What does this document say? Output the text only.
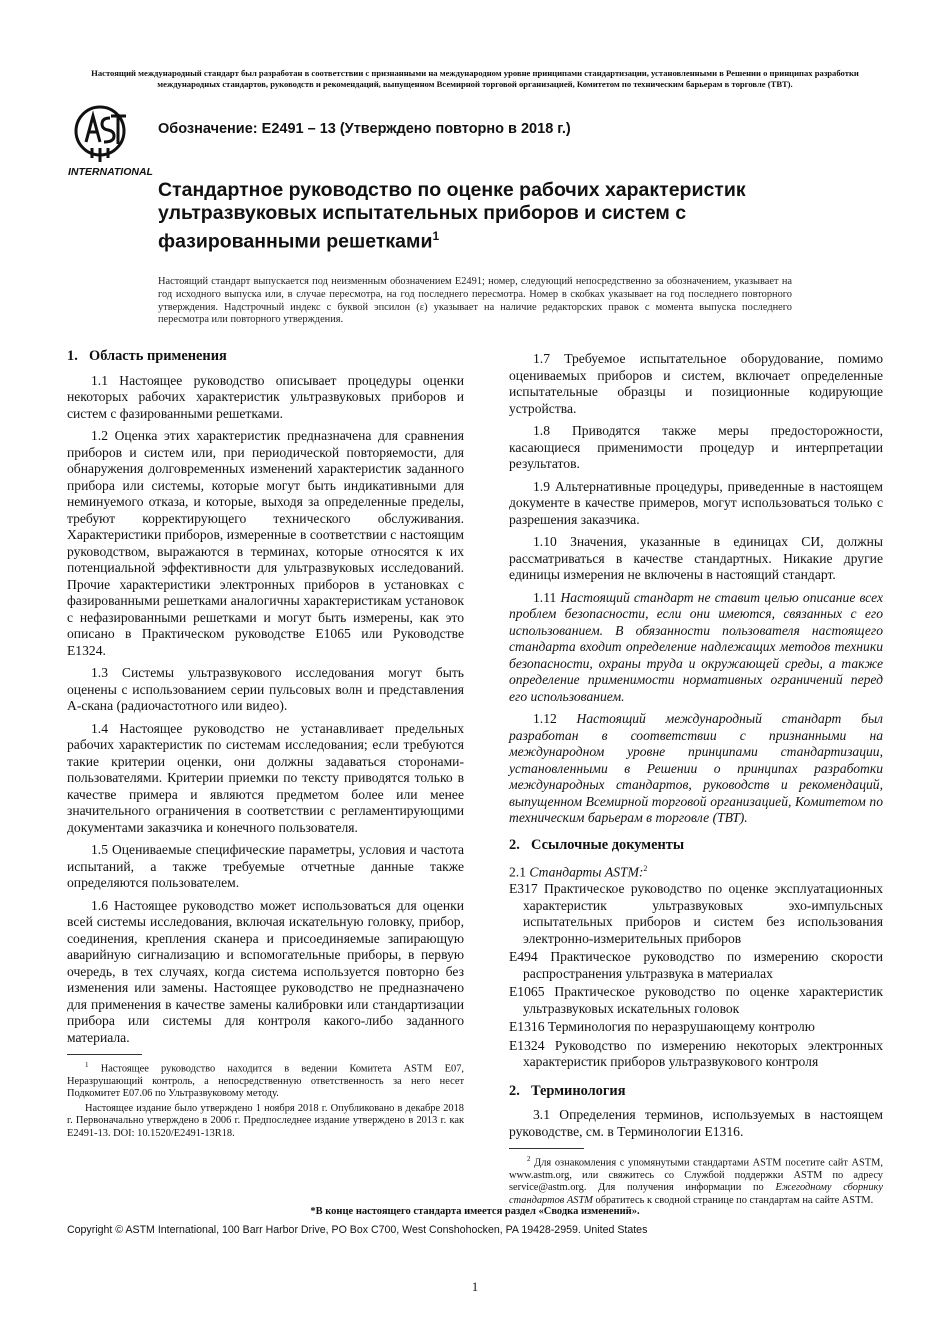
Настоящий международный стандарт был разработан в соответствии с признанными на международном уровне принципами стандартизации, установленными в Решении о принципах разработки международных стандартов, руководств и рекомендаций, выпущенном Всемирной торговой организацией, Комитетом по техническим барьерам в торговле (ТВТ).
INTERNATIONAL
Обозначение: E2491 – 13 (Утверждено повторно в 2018 г.)
Стандартное руководство по оценке рабочих характеристик ультразвуковых испытательных приборов и систем с фазированными решетками$^1$
Настоящий стандарт выпускается под неизменным обозначением E2491; номер, следующий непосредственно за обозначением, указывает на год исходного выпуска или, в случае пересмотра, на год последнего пересмотра. Номер в скобках указывает на год последнего повторного утверждения. Надстрочный индекс с буквой эпсилон (ε) указывает на наличие редакторских правок с момента выпуска последнего пересмотра или повторного утверждения.
1. Область применения

1.1 Настоящее руководство описывает процедуры оценки некоторых рабочих характеристик ультразвуковых приборов и систем с фазированными решетками.

1.2 Оценка этих характеристик предназначена для сравнения приборов и систем или, при периодической повторяемости, для обнаружения долговременных изменений характеристик заданного прибора или системы, которые могут быть индикативными для неминуемого отказа, и которые, выходя за определенные пределы, требуют корректирующего технического обслуживания. Характеристики приборов, измеренные в соответствии с настоящим руководством, выражаются в терминах, которые относятся к их потенциальной эффективности для ультразвуковых исследований. Прочие характеристики электронных приборов в установках с фазированными решетками аналогичны характеристикам установок с нефазированными решетками и могут быть измерены, как это описано в Практическом руководстве E1065 или Руководстве E1324.

1.3 Системы ультразвукового исследования могут быть оценены с использованием серии пульсовых волн и представления A-скана (радиочастотного или видео).

1.4 Настоящее руководство не устанавливает предельных рабочих характеристик по системам исследования; если требуются такие критерии оценки, они должны задаваться сторонами-пользователями. Критерии приемки по тексту приводятся только в качестве примера и являются предметом более или менее значительного ограничения в соответствии с регламентирующими документами заказчика и конечного пользователя.

1.5 Оцениваемые специфические параметры, условия и частота испытаний, а также требуемые отчетные данные также определяются пользователем.

1.6 Настоящее руководство может использоваться для оценки всей системы исследования, включая искательную головку, прибор, соединения, крепления сканера и присоединяемые запирающую аварийную сигнализацию и вспомогательные приборы, в первую очередь, в тех случаях, когда система используется повторно без изменения или замены. Настоящее руководство не предназначено для применения в качестве замены калибровки или стандартизации прибора или системы для контроля какого-либо заданного материала.

$^1$ Настоящее руководство находится в ведении Комитета ASTM E07, Неразрушающий контроль, а непосредственную ответственность за него несет Подкомитет E07.06 по Ультразвуковому методу.
Настоящее издание было утверждено 1 ноября 2018 г. Опубликовано в декабре 2018 г. Первоначально утверждено в 2006 г. Предпоследнее издание утверждено в 2013 г. как E2491-13. DOI: 10.1520/E2491-13R18.

1.7 Требуемое испытательное оборудование, помимо оцениваемых приборов и систем, включает определенные испытательные образцы и позиционные кодирующие устройства.

1.8 Приводятся также меры предосторожности, касающиеся применимости процедур и интерпретации результатов.

1.9 Альтернативные процедуры, приведенные в настоящем документе в качестве примеров, могут использоваться только с разрешения заказчика.

1.10 Значения, указанные в единицах СИ, должны рассматриваться в качестве стандартных. Никакие другие единицы измерения не включены в настоящий стандарт.

1.11 Настоящий стандарт не ставит целью описание всех проблем безопасности, если они имеются, связанных с его использованием. В обязанности пользователя настоящего стандарта входит определение надлежащих методов техники безопасности, охраны труда и окружающей среды, а также определение применимости нормативных ограничений перед его использованием.

1.12 Настоящий международный стандарт был разработан в соответствии с признанными на международном уровне принципами стандартизации, установленными в Решении о принципах разработки международных стандартов, руководств и рекомендаций, выпущенном Всемирной торговой организацией, Комитетом по техническим барьерам в торговле (ТВТ).

2. Ссылочные документы
2.1 Стандарты ASTM:$^2$
E317 Практическое руководство по оценке эксплуатационных характеристик ультразвуковых эхо-импульсных испытательных приборов и систем без использования электронно-измерительных приборов
E494 Практическое руководство по измерению скорости распространения ультразвука в материалах
E1065 Практическое руководство по оценке характеристик ультразвуковых искательных головок
E1316 Терминология по неразрушающему контролю
E1324 Руководство по измерению некоторых электронных характеристик приборов ультразвукового контроля
2. Терминология

3.1 Определения терминов, используемых в настоящем руководстве, см. в Терминологии E1316.

$^2$ Для ознакомления с упомянутыми стандартами ASTM посетите сайт ASTM, www.astm.org, или свяжитесь со Службой поддержки ASTM по адресу service@astm.org. Для получения информации по Ежегодному сборнику стандартов ASTM обратитесь к сводной странице по стандартам на сайте ASTM.
*В конце настоящего стандарта имеется раздел «Сводка изменений».
Copyright © ASTM International, 100 Barr Harbor Drive, PO Box C700, West Conshohocken, PA 19428-2959. United States
1
